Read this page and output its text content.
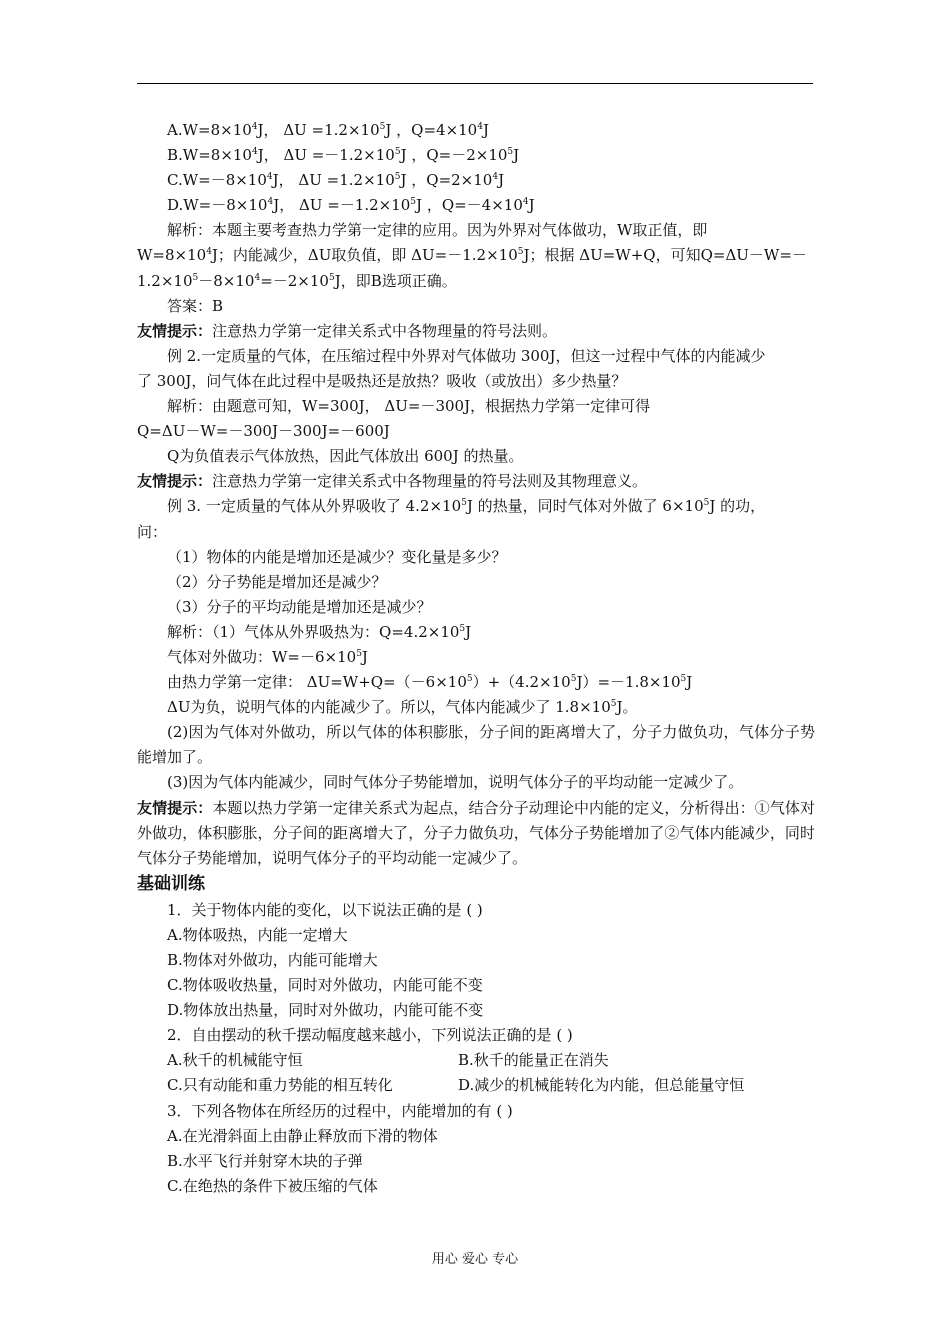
$A.W=8\times 10^4J$， $\Delta U =1.2\times 10^5J$ ，$Q=4\times 10^4J$
$B.W=8\times 10^4J$， $\Delta U =-1.2\times 10^5J$ ，$Q=-2\times 10^5J$
$C.W=-8\times 10^4J$， $\Delta U =1.2\times 10^5J$ ，$Q=2\times 10^4J$
$D.W=-8\times 10^4J$， $\Delta U =-1.2\times 10^5J$ ，$Q=-4\times 10^4J$
解析：本题主要考查热力学第一定律的应用。因为外界对气体做功，W取正值，即
$W=8\times 10^4J$；内能减少，ΔU取负值，即 $\Delta U=-1.2\times 10^5J$；根据 ΔU=W+Q，可知Q=ΔU－W=－
$1.2\times 10^5-8\times 10^4=-2\times 10^5J$，即B选项正确。
答案：B
友情提示：注意热力学第一定律关系式中各物理量的符号法则。
例 2.一定质量的气体，在压缩过程中外界对气体做功 300J，但这一过程中气体的内能减少
了 300J，问气体在此过程中是吸热还是放热？吸收（或放出）多少热量？
解析：由题意可知，W=300J， ΔU=－300J，根据热力学第一定律可得
Q=ΔU－W=－300J－300J=－600J
Q为负值表示气体放热，因此气体放出 600J 的热量。
友情提示：注意热力学第一定律关系式中各物理量的符号法则及其物理意义。
例 3. 一定质量的气体从外界吸收了 $4.2\times 10^5J$ 的热量，同时气体对外做了 $6\times 10^5J$ 的功，
问：
（1）物体的内能是增加还是减少？变化量是多少？
（2）分子势能是增加还是减少？
（3）分子的平均动能是增加还是减少？
解析：（1）气体从外界吸热为：$Q=4.2\times 10^5J$
气体对外做功：$W=-6\times 10^5J$
由热力学第一定律： $\Delta U=W+Q=(-6\times 10^5)+(4.2\times 10^5J)=-1.8\times 10^5J$
ΔU为负，说明气体的内能减少了。所以，气体内能减少了 $1.8\times 10^5J$。
(2)因为气体对外做功，所以气体的体积膨胀，分子间的距离增大了，分子力做负功，气体分子势能增加了。
(3)因为气体内能减少，同时气体分子势能增加，说明气体分子的平均动能一定减少了。
友情提示：本题以热力学第一定律关系式为起点，结合分子动理论中内能的定义，分析得出：①气体对外做功，体积膨胀，分子间的距离增大了，分子力做负功，气体分子势能增加了②气体内能减少，同时气体分子势能增加，说明气体分子的平均动能一定减少了。
基础训练
1．关于物体内能的变化，以下说法正确的是 ( )
A.物体吸热，内能一定增大
B.物体对外做功，内能可能增大
C.物体吸收热量，同时对外做功，内能可能不变
D.物体放出热量，同时对外做功，内能可能不变
2．自由摆动的秋千摆动幅度越来越小，下列说法正确的是 ( )
A.秋千的机械能守恒	B.秋千的能量正在消失
C.只有动能和重力势能的相互转化	D.减少的机械能转化为内能，但总能量守恒
3．下列各物体在所经历的过程中，内能增加的有 ( )
A.在光滑斜面上由静止释放而下滑的物体
B.水平飞行并射穿木块的子弹
C.在绝热的条件下被压缩的气体
用心 爱心 专心
